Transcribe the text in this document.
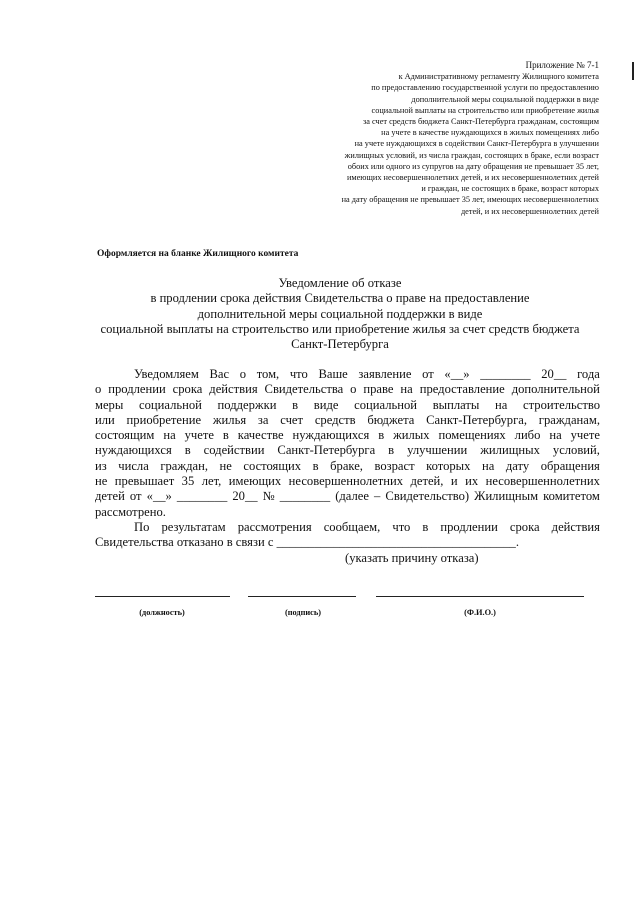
Приложение № 7-1
к Административному регламенту Жилищного комитета
по предоставлению государственной услуги по предоставлению
дополнительной меры социальной поддержки в виде
социальной выплаты на строительство или приобретение жилья
за счет средств бюджета Санкт-Петербурга гражданам, состоящим
на учете в качестве нуждающихся в жилых помещениях либо
на учете нуждающихся в содействии Санкт-Петербурга в улучшении
жилищных условий, из числа граждан, состоящих в браке, если возраст
обоих или одного из супругов на дату обращения не превышает 35 лет,
имеющих несовершеннолетних детей, и их несовершеннолетних детей
и граждан, не состоящих в браке, возраст которых
на дату обращения не превышает 35 лет, имеющих несовершеннолетних
детей, и их несовершеннолетних детей
Оформляется на бланке Жилищного комитета
Уведомление об отказе
в продлении срока действия Свидетельства о праве на предоставление
дополнительной меры социальной поддержки в виде
социальной выплаты на строительство или приобретение жилья за счет средств бюджета
Санкт-Петербурга
Уведомляем Вас о том, что Ваше заявление от «__» ________ 20__ года
о продлении срока действия Свидетельства о праве на предоставление дополнительной
меры социальной поддержки в виде социальной выплаты на строительство
или приобретение жилья за счет средств бюджета Санкт-Петербурга, гражданам,
состоящим на учете в качестве нуждающихся в жилых помещениях либо на учете
нуждающихся в содействии Санкт-Петербурга в улучшении жилищных условий,
из числа граждан, не состоящих в браке, возраст которых на дату обращения
не превышает 35 лет, имеющих несовершеннолетних детей, и их несовершеннолетних
детей от «__» ________ 20__ № ________ (далее – Свидетельство) Жилищным комитетом
рассмотрено.
По результатам рассмотрения сообщаем, что в продлении срока действия
Свидетельства отказано в связи с ______________________________________.
(указать причину отказа)
(должность)	(подпись)	(Ф.И.О.)
